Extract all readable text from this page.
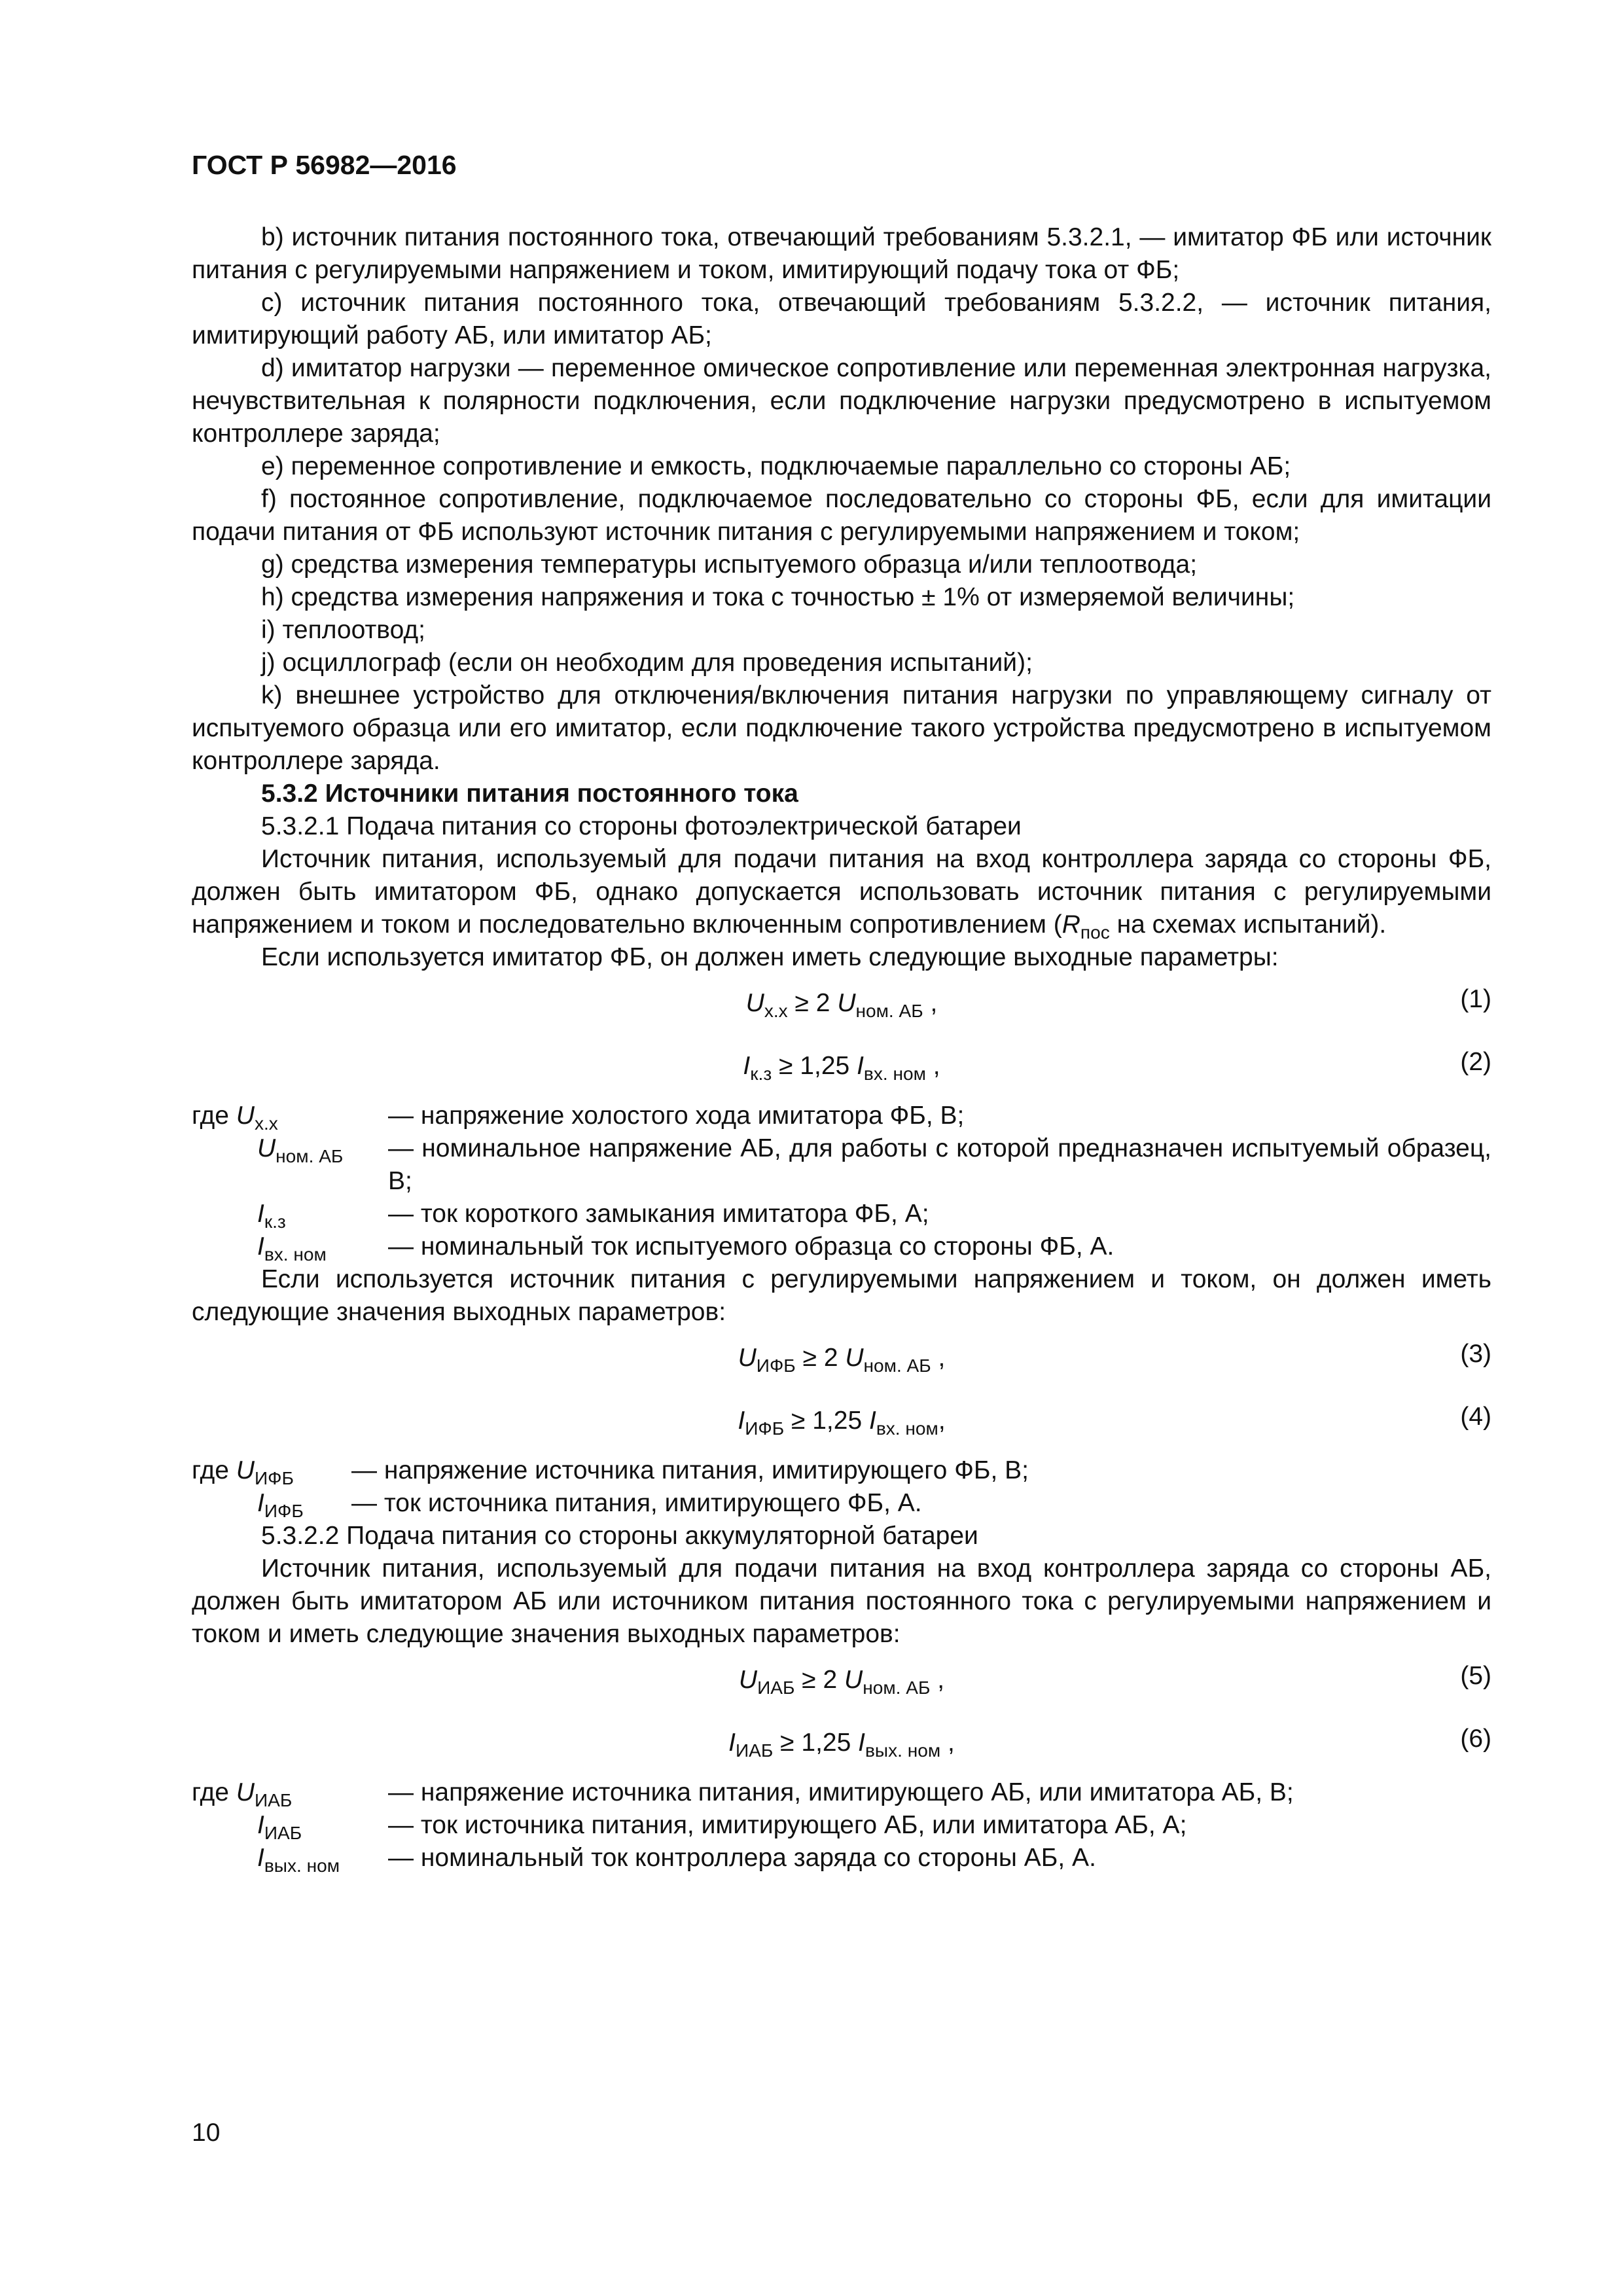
ГОСТ Р 56982—2016

b) источник питания постоянного тока, отвечающий требованиям 5.3.2.1, — имитатор ФБ или источник питания с регулируемыми напряжением и током, имитирующий подачу тока от ФБ;

с) источник питания постоянного тока, отвечающий требованиям 5.3.2.2, — источник питания, имитирующий работу АБ, или имитатор АБ;

d) имитатор нагрузки — переменное омическое сопротивление или переменная электронная нагрузка, нечувствительная к полярности подключения, если подключение нагрузки предусмотрено в испытуемом контроллере заряда;

е) переменное сопротивление и емкость, подключаемые параллельно со стороны АБ;

f) постоянное сопротивление, подключаемое последовательно со стороны ФБ, если для имитации подачи питания от ФБ используют источник питания с регулируемыми напряжением и током;

g) средства измерения температуры испытуемого образца и/или теплоотвода;

h) средства измерения напряжения и тока с точностью ± 1% от измеряемой величины;

i) теплоотвод;

j) осциллограф (если он необходим для проведения испытаний);

k) внешнее устройство для отключения/включения питания нагрузки по управляющему сигналу от испытуемого образца или его имитатор, если подключение такого устройства предусмотрено в испытуемом контроллере заряда.

5.3.2 Источники питания постоянного тока

5.3.2.1 Подача питания со стороны фотоэлектрической батареи

Источник питания, используемый для подачи питания на вход контроллера заряда со стороны ФБ, должен быть имитатором ФБ, однако допускается использовать источник питания с регулируемыми напряжением и током и последовательно включенным сопротивлением ($R_{пос}$ на схемах испытаний).

Если используется имитатор ФБ, он должен иметь следующие выходные параметры:

$U_{х.х} \ge 2$ $U_{ном. АБ}$ ,	(1)
$I_{к.з} \ge 1,25$ $I_{вх. ном}$ ,	(2)
где $U_{х.х}$	— напряжение холостого хода имитатора ФБ, В;
$U_{ном. АБ}$	— номинальное напряжение АБ, для работы с которой предназначен испытуемый образец, В;
$I_{к.з}$	— ток короткого замыкания имитатора ФБ, А;
$I_{вх. ном}$	— номинальный ток испытуемого образца со стороны ФБ, А.

Если используется источник питания с регулируемыми напряжением и током, он должен иметь следующие значения выходных параметров:

$U_{ИФБ} \ge 2$ $U_{ном. АБ}$ ,	(3)
$I_{ИФБ} \ge 1,25$ $I_{вх. ном}$,	(4)
где $U_{ИФБ}$	— напряжение источника питания, имитирующего ФБ, В;
$I_{ИФБ}$	— ток источника питания, имитирующего ФБ, А.

5.3.2.2 Подача питания со стороны аккумуляторной батареи

Источник питания, используемый для подачи питания на вход контроллера заряда со стороны АБ, должен быть имитатором АБ или источником питания постоянного тока с регулируемыми напряжением и током и иметь следующие значения выходных параметров:

$U_{ИАБ} \ge 2$ $U_{ном. АБ}$ ,	(5)
$I_{ИАБ} \ge 1,25$ $I_{вых. ном}$ ,	(6)
где $U_{ИАБ}$	— напряжение источника питания, имитирующего АБ, или имитатора АБ, В;
$I_{ИАБ}$	— ток источника питания, имитирующего АБ, или имитатора АБ, А;
$I_{вых. ном}$	— номинальный ток контроллера заряда со стороны АБ, А.
10
